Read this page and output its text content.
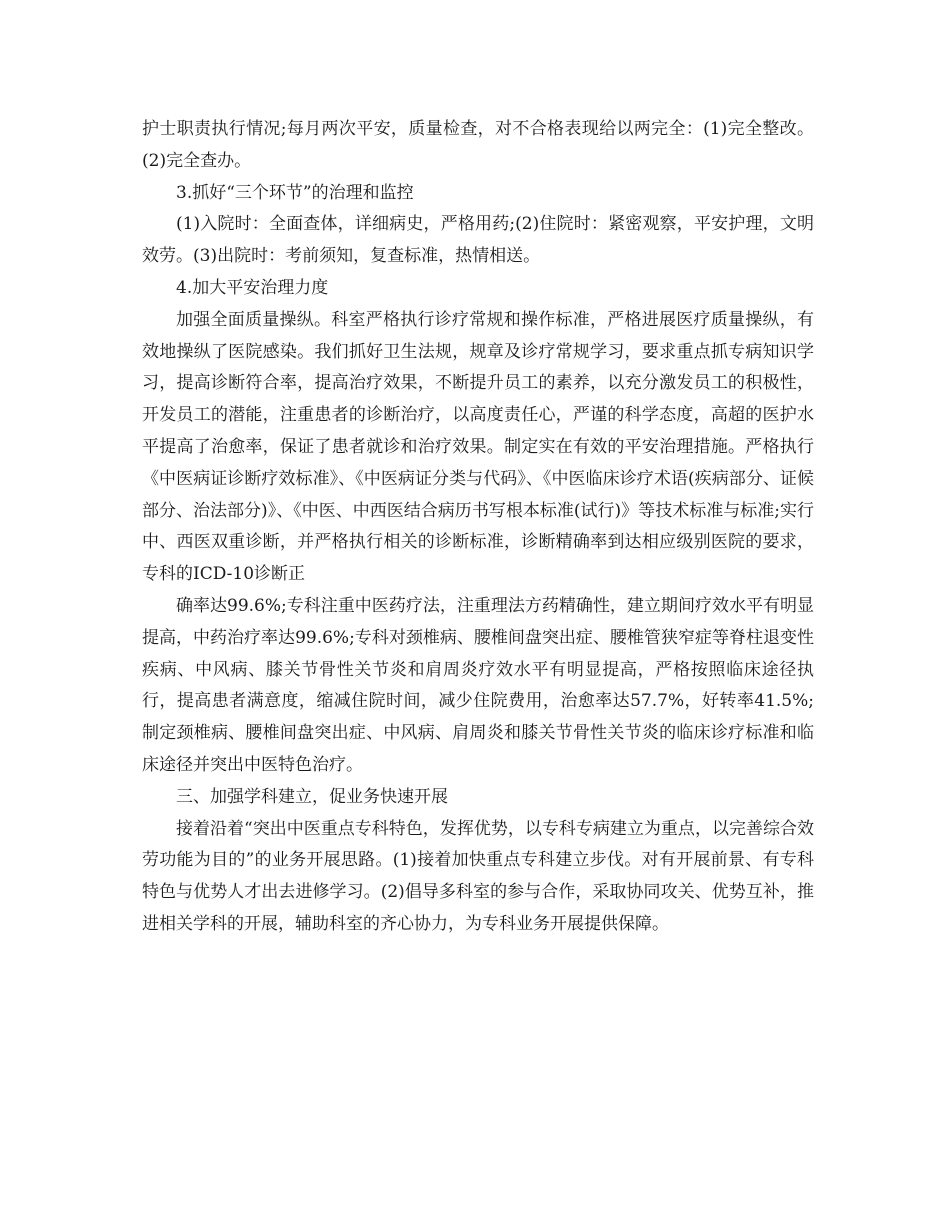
护士职责执行情况;每月两次平安，质量检查，对不合格表现给以两完全：(1)完全整改。(2)完全查办。

3.抓好“三个环节”的治理和监控

(1)入院时：全面查体，详细病史，严格用药;(2)住院时：紧密观察，平安护理，文明效劳。(3)出院时：考前须知，复查标准，热情相送。

4.加大平安治理力度

加强全面质量操纵。科室严格执行诊疗常规和操作标准，严格进展医疗质量操纵，有效地操纵了医院感染。我们抓好卫生法规，规章及诊疗常规学习，要求重点抓专病知识学习，提高诊断符合率，提高治疗效果，不断提升员工的素养，以充分激发员工的积极性，开发员工的潜能，注重患者的诊断治疗，以高度责任心，严谨的科学态度，高超的医护水平提高了治愈率，保证了患者就诊和治疗效果。制定实在有效的平安治理措施。严格执行《中医病证诊断疗效标准》、《中医病证分类与代码》、《中医临床诊疗术语(疾病部分、证候部分、治法部分)》、《中医、中西医结合病历书写根本标准(试行)》等技术标准与标准;实行中、西医双重诊断，并严格执行相关的诊断标准，诊断精确率到达相应级别医院的要求，专科的ICD-10诊断正

确率达99.6%;专科注重中医药疗法，注重理法方药精确性，建立期间疗效水平有明显提高，中药治疗率达99.6%;专科对颈椎病、腰椎间盘突出症、腰椎管狭窄症等脊柱退变性疾病、中风病、膝关节骨性关节炎和肩周炎疗效水平有明显提高，严格按照临床途径执行，提高患者满意度，缩减住院时间，减少住院费用，治愈率达57.7%，好转率41.5%;制定颈椎病、腰椎间盘突出症、中风病、肩周炎和膝关节骨性关节炎的临床诊疗标准和临床途径并突出中医特色治疗。

三、加强学科建立，促业务快速开展

接着沿着“突出中医重点专科特色，发挥优势，以专科专病建立为重点，以完善综合效劳功能为目的”的业务开展思路。(1)接着加快重点专科建立步伐。对有开展前景、有专科特色与优势人才出去进修学习。(2)倡导多科室的参与合作，采取协同攻关、优势互补，推进相关学科的开展，辅助科室的齐心协力，为专科业务开展提供保障。
